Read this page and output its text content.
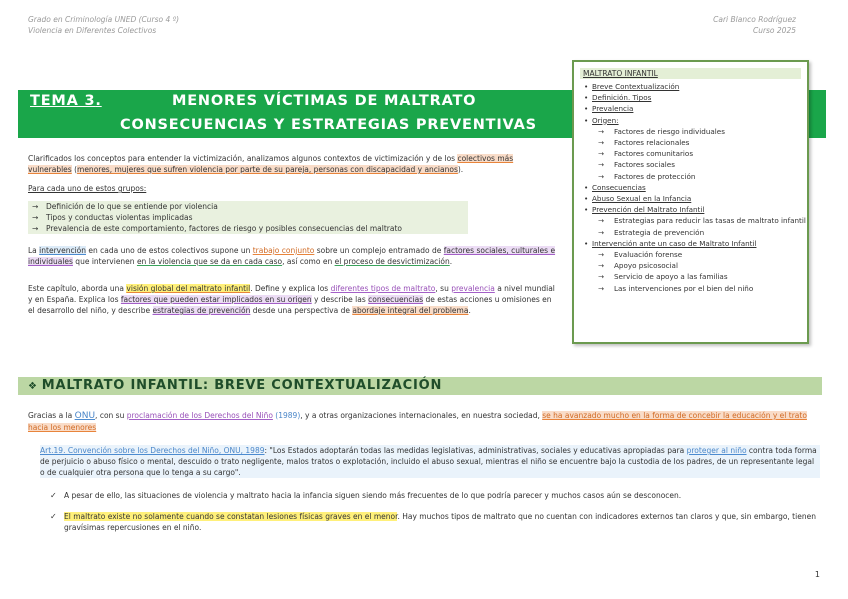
Grado en Criminología UNED (Curso 4 º)
Violencia en Diferentes Colectivos
Cari Blanco Rodríguez
Curso 2025
TEMA 3.	MENORES VÍCTIMAS DE MALTRATO
CONSECUENCIAS Y ESTRATEGIAS PREVENTIVAS
MALTRATO INFANTIL
• Breve Contextualización
• Definición. Tipos
• Prevalencia
• Origen:
→ Factores de riesgo individuales
→ Factores relacionales
→ Factores comunitarios
→ Factores sociales
→ Factores de protección
• Consecuencias
• Abuso Sexual en la Infancia
• Prevención del Maltrato Infantil
→ Estrategias para reducir las tasas de maltrato infantil
→ Estrategia de prevención
• Intervención ante un caso de Maltrato Infantil
→ Evaluación forense
→ Apoyo psicosocial
→ Servicio de apoyo a las familias
→ Las intervenciones por el bien del niño
Clarificados los conceptos para entender la victimización, analizamos algunos contextos de victimización y de los colectivos más vulnerables (menores, mujeres que sufren violencia por parte de su pareja, personas con discapacidad y ancianos).
Para cada uno de estos grupos:
→ Definición de lo que se entiende por violencia
→ Tipos y conductas violentas implicadas
→ Prevalencia de este comportamiento, factores de riesgo y posibles consecuencias del maltrato
La intervención en cada uno de estos colectivos supone un trabajo conjunto sobre un complejo entramado de factores sociales, culturales e individuales que intervienen en la violencia que se da en cada caso, así como en el proceso de desvictimización.
Este capítulo, aborda una visión global del maltrato infantil. Define y explica los diferentes tipos de maltrato, su prevalencia a nivel mundial y en España. Explica los factores que pueden estar implicados en su origen y describe las consecuencias de estas acciones u omisiones en el desarrollo del niño, y describe estrategias de prevención desde una perspectiva de abordaje integral del problema.
❖ MALTRATO INFANTIL: BREVE CONTEXTUALIZACIÓN
Gracias a la ONU, con su proclamación de los Derechos del Niño (1989), y a otras organizaciones internacionales, en nuestra sociedad, se ha avanzado mucho en la forma de concebir la educación y el trato hacia los menores
Art.19. Convención sobre los Derechos del Niño, ONU, 1989: "Los Estados adoptarán todas las medidas legislativas, administrativas, sociales y educativas apropiadas para proteger al niño contra toda forma de perjuicio o abuso físico o mental, descuido o trato negligente, malos tratos o explotación, incluido el abuso sexual, mientras el niño se encuentre bajo la custodia de los padres, de un representante legal o de cualquier otra persona que lo tenga a su cargo".
✓ A pesar de ello, las situaciones de violencia y maltrato hacia la infancia siguen siendo más frecuentes de lo que podría parecer y muchos casos aún se desconocen.
✓ El maltrato existe no solamente cuando se constatan lesiones físicas graves en el menor. Hay muchos tipos de maltrato que no cuentan con indicadores externos tan claros y que, sin embargo, tienen gravísimas repercusiones en el niño.
1
